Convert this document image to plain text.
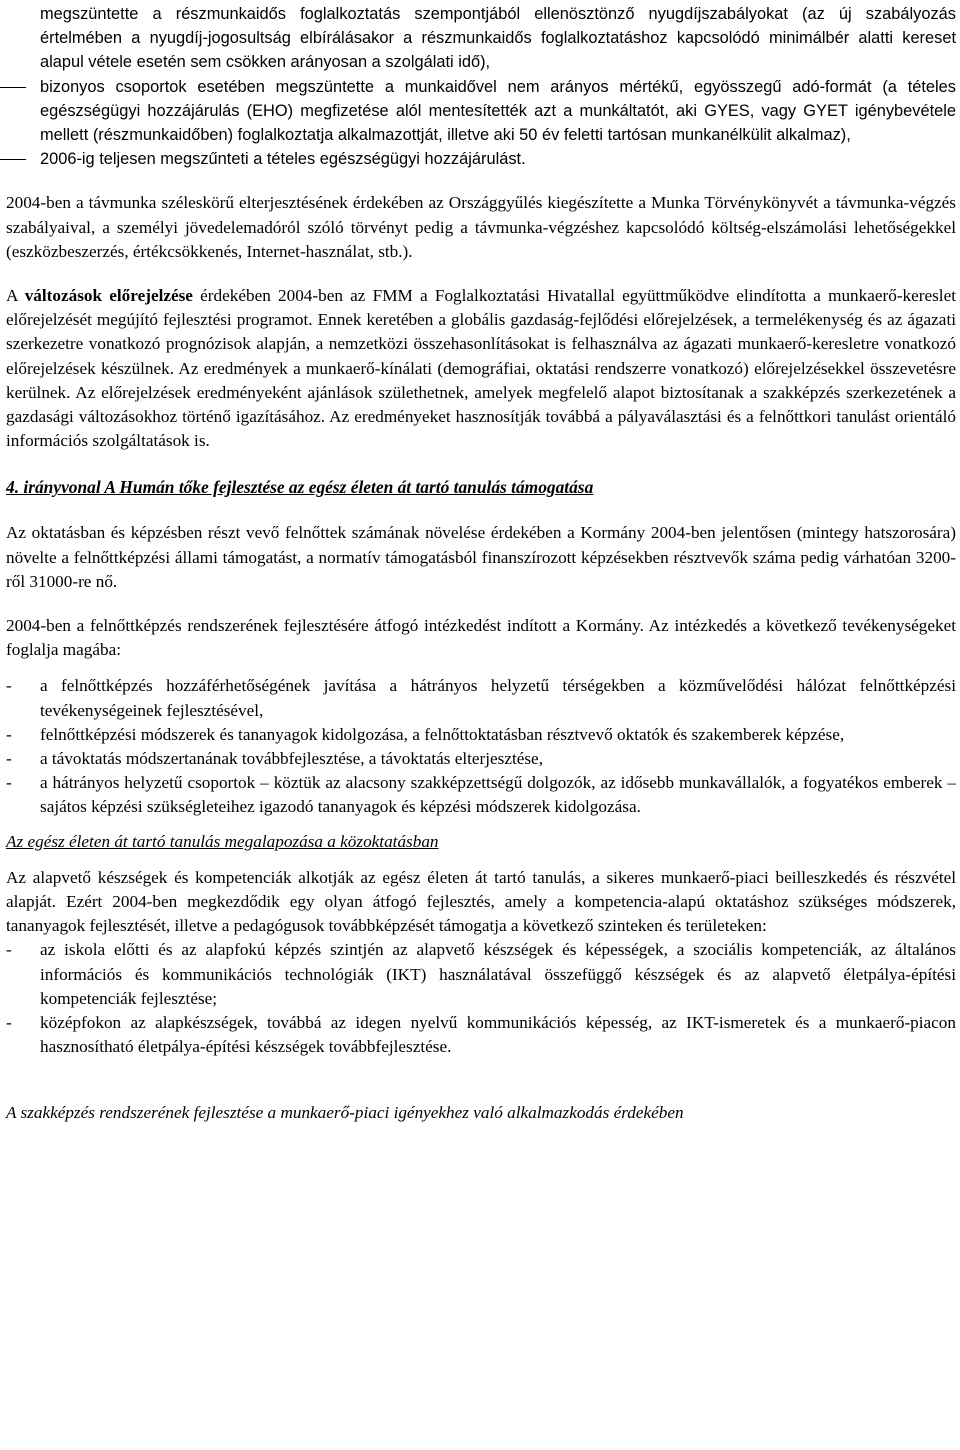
megszüntette a részmunkaidős foglalkoztatás szempontjából ellenösztönző nyugdíjszabályokat (az új szabályozás értelmében a nyugdíj-jogosultság elbírálásakor a részmunkaidős foglalkoztatáshoz kapcsolódó minimálbér alatti kereset alapul vétele esetén sem csökken arányosan a szolgálati idő),
bizonyos csoportok esetében megszüntette a munkaidővel nem arányos mértékű, egyösszegű adó-formát (a tételes egészségügyi hozzájárulás (EHO) megfizetése alól mentesítették azt a munkáltatót, aki GYES, vagy GYET igénybevétele mellett (részmunkaidőben) foglalkoztatja alkalmazottját, illetve aki 50 év feletti tartósan munkanélkülit alkalmaz),
2006-ig teljesen megszűnteti a tételes egészségügyi hozzájárulást.

2004-ben a távmunka széleskörű elterjesztésének érdekében az Országgyűlés kiegészítette a Munka Törvénykönyvét a távmunka-végzés szabályaival, a személyi jövedelemadóról szóló törvényt pedig a távmunka-végzéshez kapcsolódó költség-elszámolási lehetőségekkel (eszközbeszerzés, értékcsökkenés, Internet-használat, stb.).

A változások előrejelzése érdekében 2004-ben az FMM a Foglalkoztatási Hivatallal együttműködve elindította a munkaerő-kereslet előrejelzését megújító fejlesztési programot. Ennek keretében a globális gazdaság-fejlődési előrejelzések, a termelékenység és az ágazati szerkezetre vonatkozó prognózisok alapján, a nemzetközi összehasonlításokat is felhasználva az ágazati munkaerő-keresletre vonatkozó előrejelzések készülnek. Az eredmények a munkaerő-kínálati (demográfiai, oktatási rendszerre vonatkozó) előrejelzésekkel összevetésre kerülnek. Az előrejelzések eredményeként ajánlások születhetnek, amelyek megfelelő alapot biztosítanak a szakképzés szerkezetének a gazdasági változásokhoz történő igazításához. Az eredményeket hasznosítják továbbá a pályaválasztási és a felnőttkori tanulást orientáló információs szolgáltatások is.

4. irányvonal A Humán tőke fejlesztése az egész életen át tartó tanulás támogatása

Az oktatásban és képzésben részt vevő felnőttek számának növelése érdekében a Kormány 2004-ben jelentősen (mintegy hatszorosára) növelte a felnőttképzési állami támogatást, a normatív támogatásból finanszírozott képzésekben résztvevők száma pedig várhatóan 3200-ről 31000-re nő.

2004-ben a felnőttképzés rendszerének fejlesztésére átfogó intézkedést indított a Kormány. Az intézkedés a következő tevékenységeket foglalja magába:

- a felnőttképzés hozzáférhetőségének javítása a hátrányos helyzetű térségekben a közművelődési hálózat felnőttképzési tevékenységeinek fejlesztésével,
- felnőttképzési módszerek és tananyagok kidolgozása, a felnőttoktatásban résztvevő oktatók és szakemberek képzése,
- a távoktatás módszertanának továbbfejlesztése, a távoktatás elterjesztése,
- a hátrányos helyzetű csoportok – köztük az alacsony szakképzettségű dolgozók, az idősebb munkavállalók, a fogyatékos emberek – sajátos képzési szükségleteihez igazodó tananyagok és képzési módszerek kidolgozása.

Az egész életen át tartó tanulás megalapozása a közoktatásban

Az alapvető készségek és kompetenciák alkotják az egész életen át tartó tanulás, a sikeres munkaerő-piaci beilleszkedés és részvétel alapját. Ezért 2004-ben megkezdődik egy olyan átfogó fejlesztés, amely a kompetencia-alapú oktatáshoz szükséges módszerek, tananyagok fejlesztését, illetve a pedagógusok továbbképzését támogatja a következő szinteken és területeken:

- az iskola előtti és az alapfokú képzés szintjén az alapvető készségek és képességek, a szociális kompetenciák, az általános információs és kommunikációs technológiák (IKT) használatával összefüggő készségek és az alapvető életpálya-építési kompetenciák fejlesztése;
- középfokon az alapkészségek, továbbá az idegen nyelvű kommunikációs képesség, az IKT-ismeretek és a munkaerő-piacon hasznosítható életpálya-építési készségek továbbfejlesztése.

A szakképzés rendszerének fejlesztése a munkaerő-piaci igényekhez való alkalmazkodás érdekében
